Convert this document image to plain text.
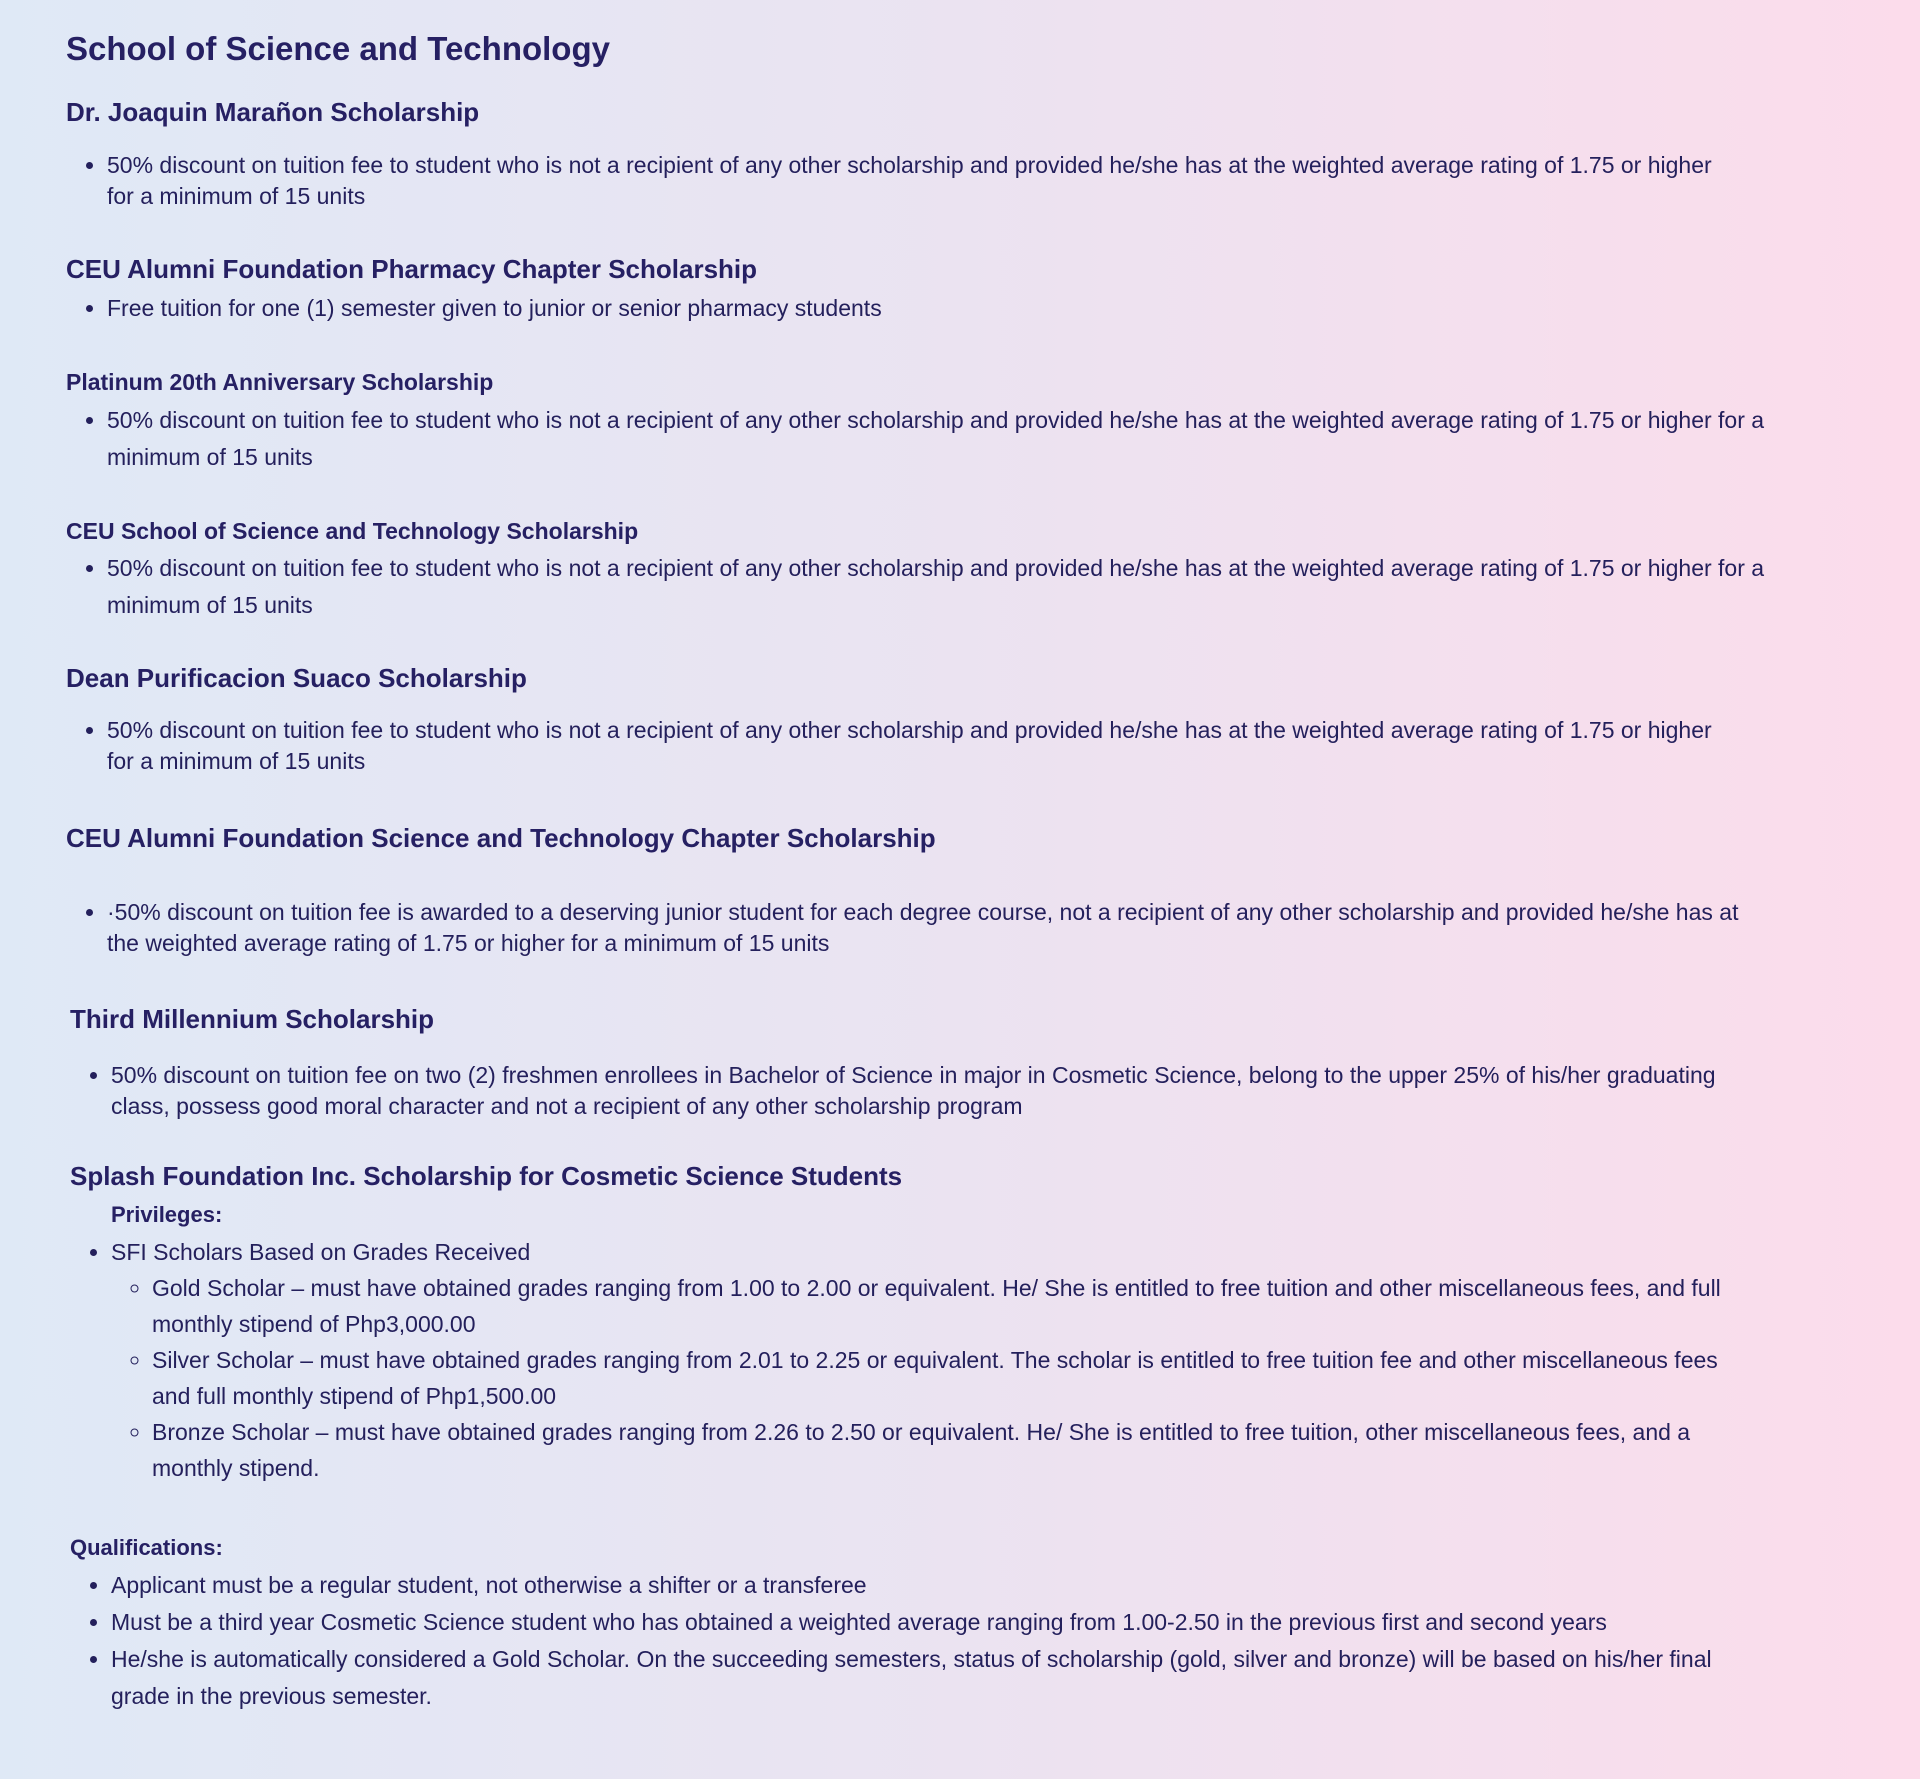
School of Science and Technology
Dr. Joaquin Marañon Scholarship
• 50% discount on tuition fee to student who is not a recipient of any other scholarship and provided he/she has at the weighted average rating of 1.75 or higher for a minimum of 15 units
CEU Alumni Foundation Pharmacy Chapter Scholarship
• Free tuition for one (1) semester given to junior or senior pharmacy students
Platinum 20th Anniversary Scholarship
• 50% discount on tuition fee to student who is not a recipient of any other scholarship and provided he/she has at the weighted average rating of 1.75 or higher for a minimum of 15 units
CEU School of Science and Technology Scholarship
• 50% discount on tuition fee to student who is not a recipient of any other scholarship and provided he/she has at the weighted average rating of 1.75 or higher for a minimum of 15 units
Dean Purificacion Suaco Scholarship
• 50% discount on tuition fee to student who is not a recipient of any other scholarship and provided he/she has at the weighted average rating of 1.75 or higher for a minimum of 15 units
CEU Alumni Foundation Science and Technology Chapter Scholarship
• ·50% discount on tuition fee is awarded to a deserving junior student for each degree course, not a recipient of any other scholarship and provided he/she has at the weighted average rating of 1.75 or higher for a minimum of 15 units
Third Millennium Scholarship
• 50% discount on tuition fee on two (2) freshmen enrollees in Bachelor of Science in major in Cosmetic Science, belong to the upper 25% of his/her graduating class, possess good moral character and not a recipient of any other scholarship program
Splash Foundation Inc. Scholarship for Cosmetic Science Students
Privileges:
• SFI Scholars Based on Grades Received
◦ Gold Scholar – must have obtained grades ranging from 1.00 to 2.00 or equivalent. He/ She is entitled to free tuition and other miscellaneous fees, and full monthly stipend of Php3,000.00
◦ Silver Scholar – must have obtained grades ranging from 2.01 to 2.25 or equivalent. The scholar is entitled to free tuition fee and other miscellaneous fees and full monthly stipend of Php1,500.00
◦ Bronze Scholar – must have obtained grades ranging from 2.26 to 2.50 or equivalent. He/ She is entitled to free tuition, other miscellaneous fees, and a monthly stipend.
Qualifications:
• Applicant must be a regular student, not otherwise a shifter or a transferee
• Must be a third year Cosmetic Science student who has obtained a weighted average ranging from 1.00-2.50 in the previous first and second years
• He/she is automatically considered a Gold Scholar. On the succeeding semesters, status of scholarship (gold, silver and bronze) will be based on his/her final grade in the previous semester.
